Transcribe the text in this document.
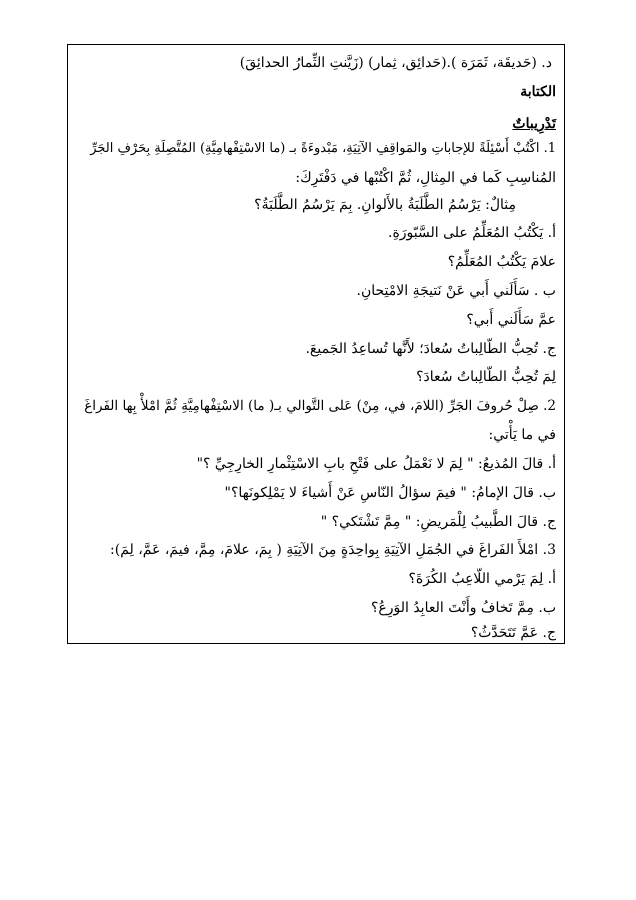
د. (حَديقَة، ثَمَرَة ).(حَدائِق، ثِمار) (زَيَّنتِ الثِّمارُ الحدائِقَ)
الكتابة
تَدْرِيباتٌ
1. اكْتُبْ أَسْئِلَةً للإجاباتِ والمَواقِفِ الآتِيَةِ، مَبْدوءَةً بـ (ما الاسْتِفْهامِيَّةِ) المُتَّصِلَةِ بِحَرْفِ الجَرِّ
المُناسِبِ كَما في المِثالِ، ثُمَّ اكْتُبْها في دَفْتَرِكَ:
مِثالٌ: يَرْسُمُ الطَّلَبَةُ بالأَلوانِ. بِمَ يَرْسُمُ الطَّلَبَةُ؟
أ. يَكْتُبُ المُعَلِّمُ على السَّبّورَةِ.
علامَ يَكْتُبُ المُعَلِّمُ؟
ب . سَأَلَني أَبي عَنْ نَتيجَةِ الامْتِحانِ.
عمَّ سَأَلَني أَبي؟
ج. تُحِبُّ الطّالِباتُ سُعادَ؛ لأَنَّها تُساعِدُ الجَميعَ.
لِمَ تُحِبُّ الطّالِباتُ سُعادَ؟
2. صِلْ حُروفَ الجَرِّ (اللامَ، في، مِنْ) عَلى التَّوالي بـ( ما) الاسْتِفْهامِيَّةِ ثُمَّ امْلأْ بِها الفَراغَ
في ما يَأْتي:
أ. قالَ المُذيعُ: " لِمَ لا نَعْمَلُ على فَتْحِ بابِ الاسْتِثْمارِ الخارِجِيِّ ؟"
ب. قالَ الإمامُ: " فيمَ سؤالُ النّاسِ عَنْ أَشياءَ لا يَمْلِكونَها؟"
ج. قالَ الطَّبيبُ لِلْمَريضِ: " مِمَّ تَشْتَكي؟ "
3. امْلأَ الفَراغَ في الجُمَلِ الآتِيَةِ بِواحِدَةٍ مِنَ الآتِيَةِ ( بِمَ، علامَ، مِمَّ، فيمَ، عَمَّ، لِمَ):
أ. لِمَ يَرْمي اللّاعِبُ الكُرَةَ؟
ب. مِمَّ تَخافُ وأَنْتَ العابِدُ الوَرِعُ؟
ج. عَمَّ تَتَحَدَّثُ؟
